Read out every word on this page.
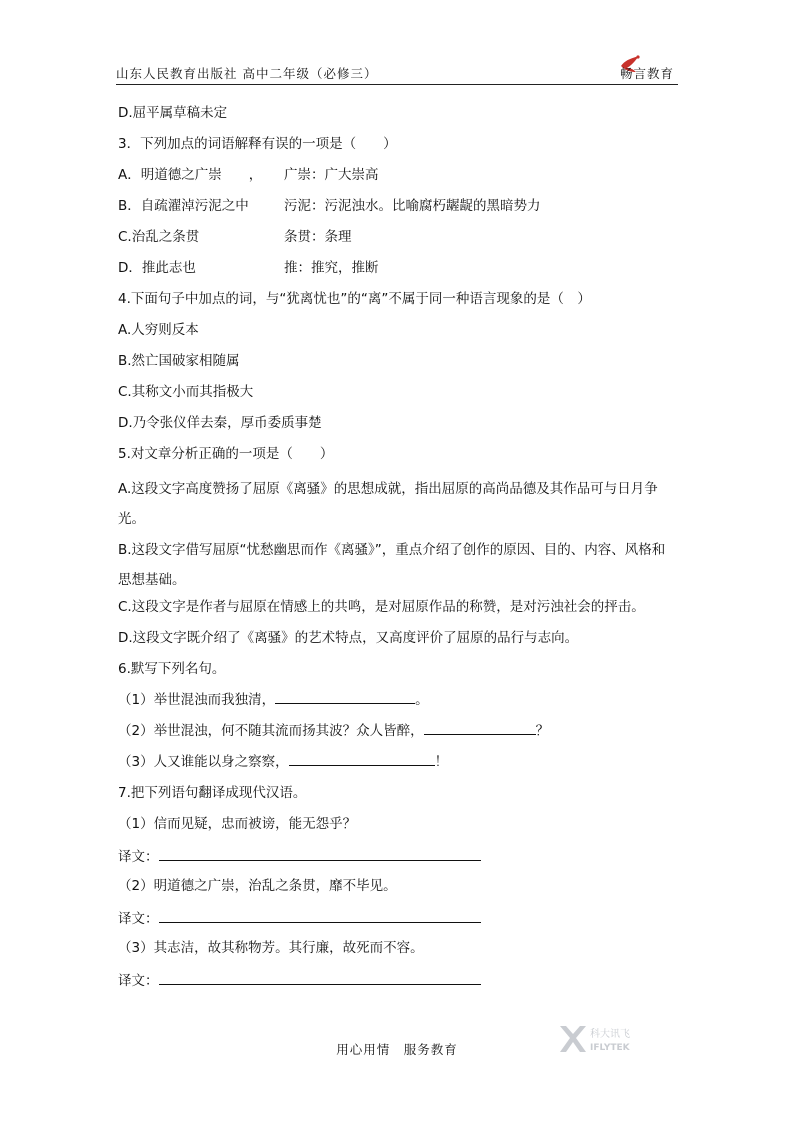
山东人民教育出版社 高中二年级（必修三）	畅言教育
D.屈平属草稿未定
3．下列加点的词语解释有误的一项是（　　）
A．明道德之广崇　　， 广崇：广大崇高
B．自疏濯淖污泥之中	污泥：污泥浊水。比喻腐朽龌龊的黑暗势力
C.治乱之条贯	条贯：条理
D．推此志也	推：推究，推断
4.下面句子中加点的词，与“犹离忧也”的“离”不属于同一种语言现象的是（　）
A.人穷则反本
B.然亡国破家相随属
C.其称文小而其指极大
D.乃令张仪佯去秦，厚币委质事楚
5.对文章分析正确的一项是（　　）
A.这段文字高度赞扬了屈原《离骚》的思想成就，指出屈原的高尚品德及其作品可与日月争光。
B.这段文字借写屈原“忧愁幽思而作《离骚》”，重点介绍了创作的原因、目的、内容、风格和思想基础。
C.这段文字是作者与屈原在情感上的共鸣，是对屈原作品的称赞，是对污浊社会的抨击。
D.这段文字既介绍了《离骚》的艺术特点，又高度评价了屈原的品行与志向。
6.默写下列名句。
（1）举世混浊而我独清，	。
（2）举世混浊，何不随其流而扬其波？众人皆醉，	？
（3）人又谁能以身之察察，	！
7.把下列语句翻译成现代汉语。
（1）信而见疑，忠而被谤，能无怨乎？
译文：
（2）明道德之广崇，治乱之条贯，靡不毕见。
译文：
（3）其志洁，故其称物芳。其行廉，故死而不容。
译文：
用心用情　服务教育
科大讯飞
IFLYTEK
